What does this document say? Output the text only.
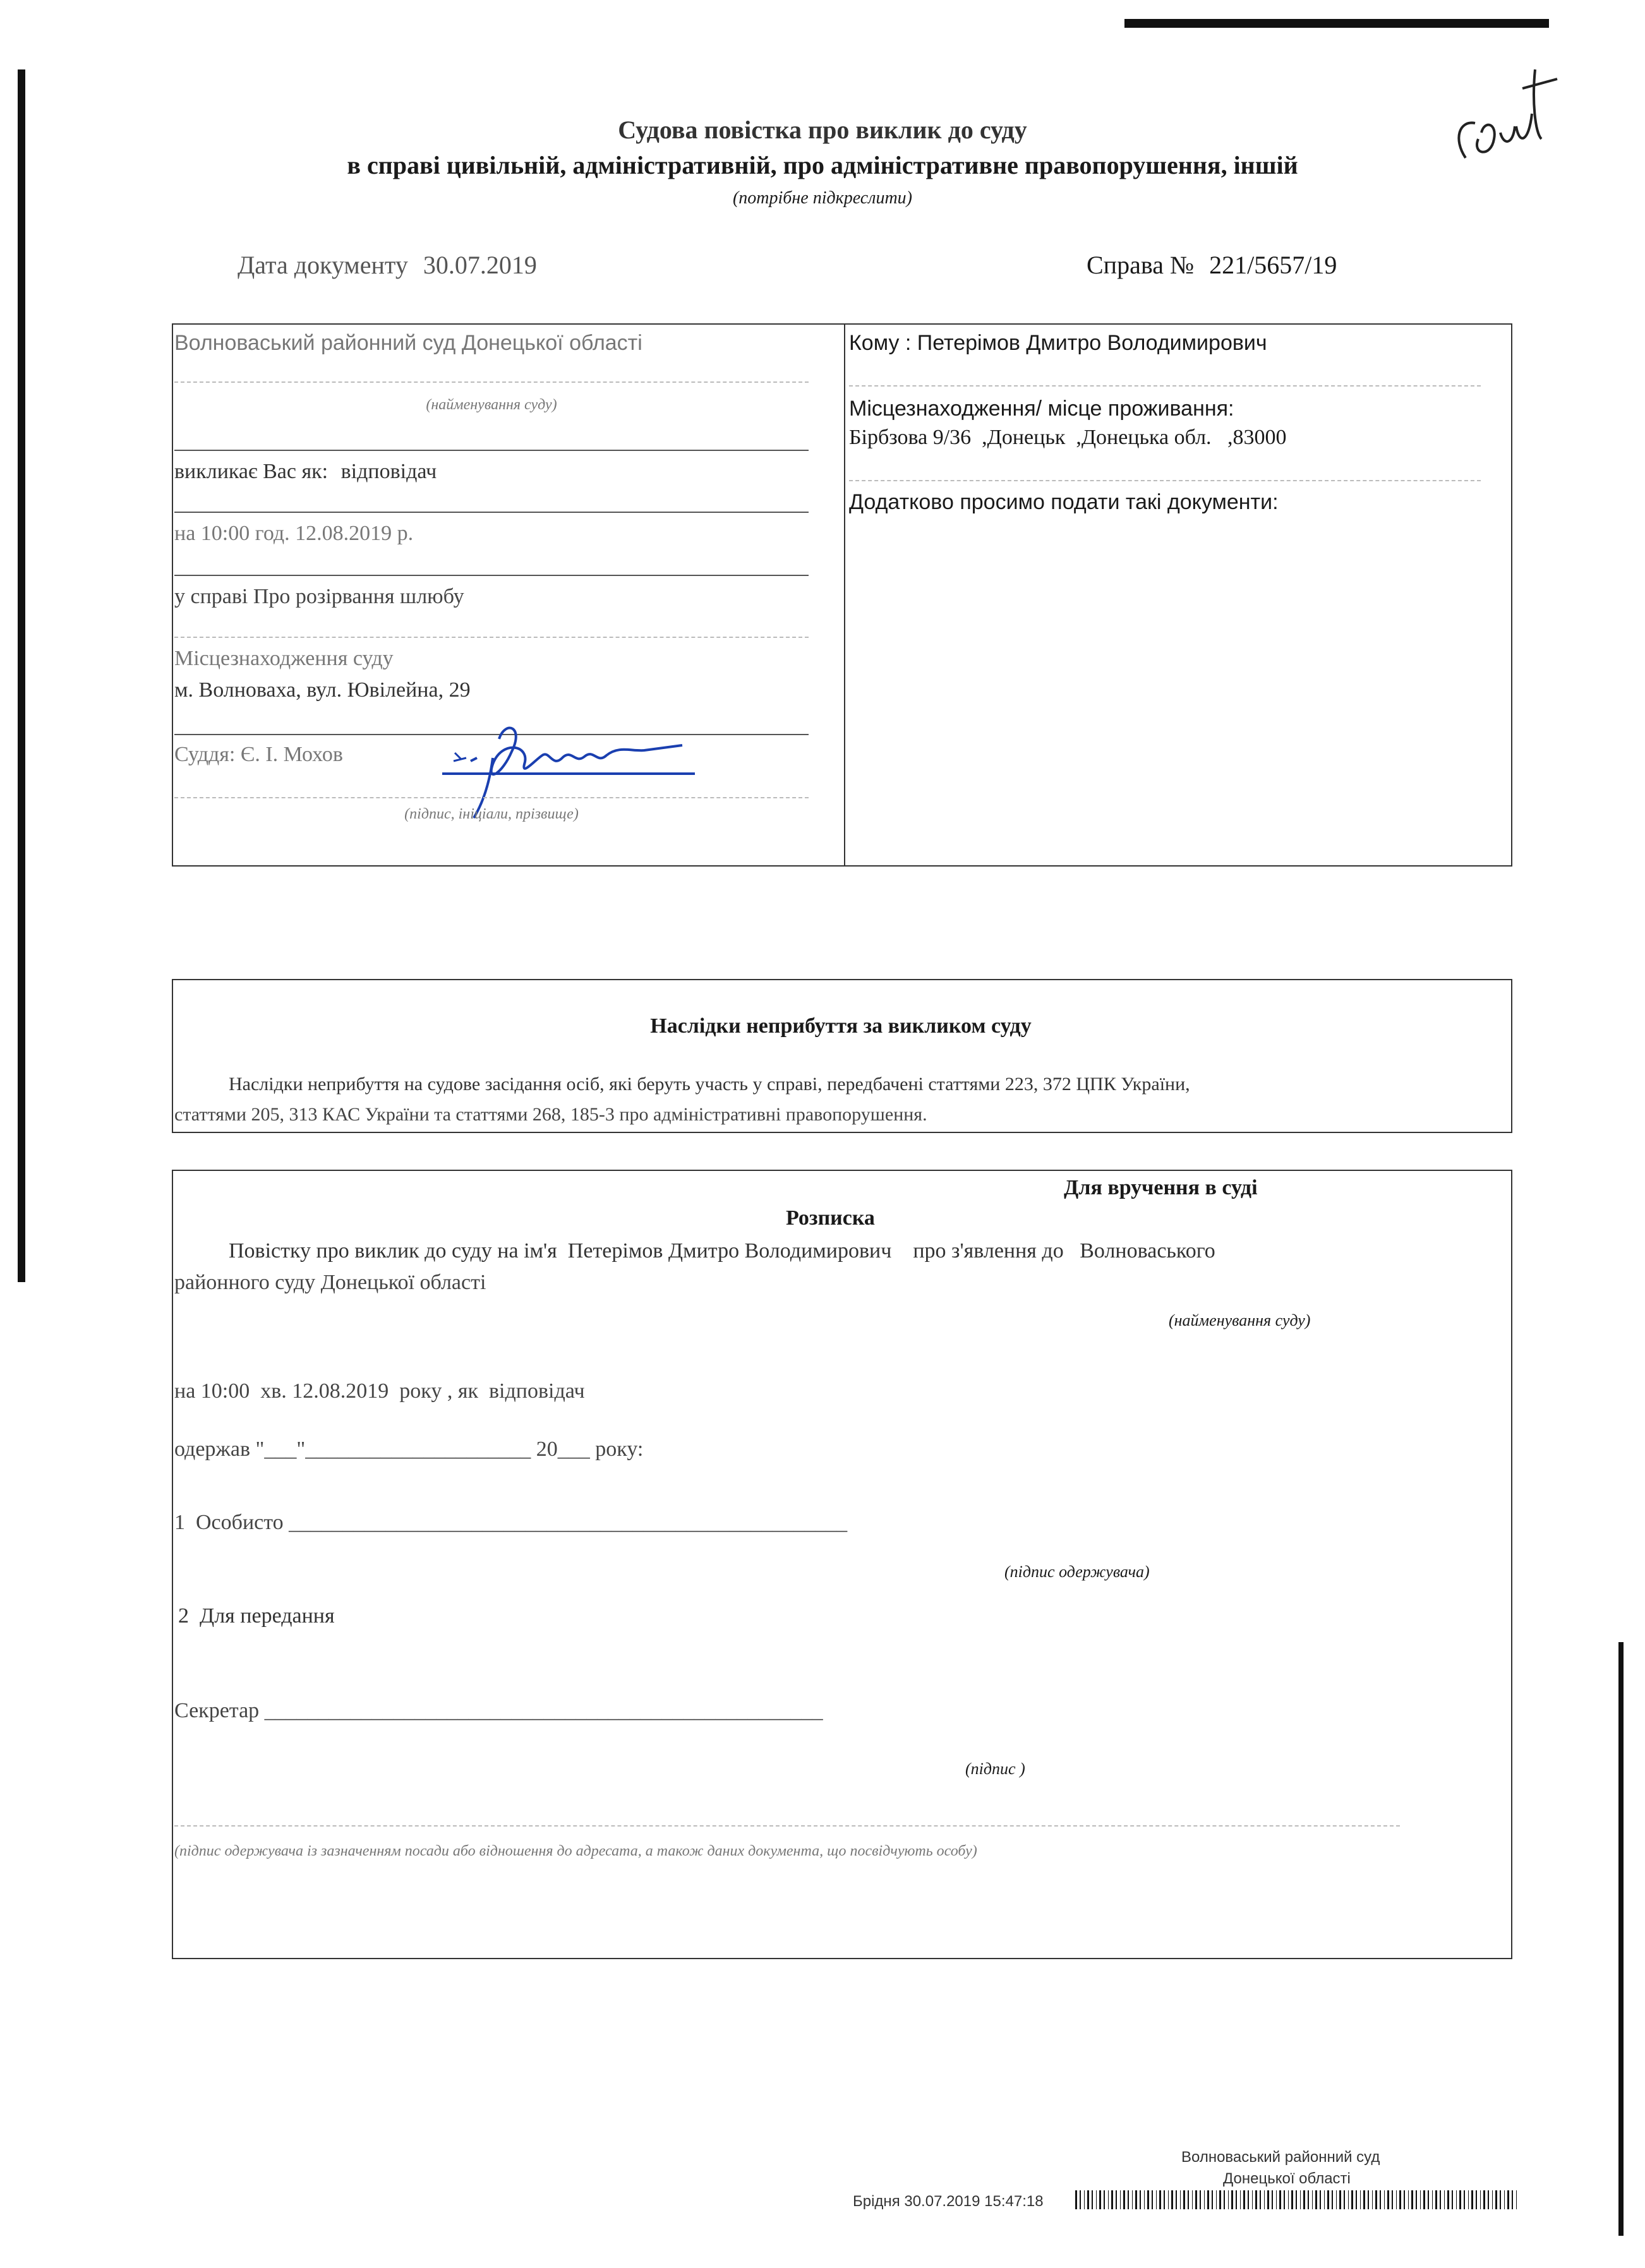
Судова повістка про виклик до суду
в справі цивільній, адміністративній, про адміністративне правопорушення, іншій
(потрібне підкреслити)
Дата документу 30.07.2019	Справа № 221/5657/19
Волноваський районний суд Донецької області
(найменування суду)
викликає Вас як: відповідач
на 10:00 год. 12.08.2019 р.
у справі Про розірвання шлюбу
Місцезнаходження суду
м. Волноваха, вул. Ювілейна, 29
Суддя: Є. І. Мохов
(підпис, ініціали, прізвище)
Кому : Петерімов Дмитро Володимирович
Місцезнаходження/ місце проживання:
Бірбзова 9/36  ,Донецьк  ,Донецька обл.   ,83000
Додатково просимо подати такі документи:
Наслідки неприбуття за викликом суду
Наслідки неприбуття на судове засідання осіб, які беруть участь у справі, передбачені статтями 223, 372 ЦПК України,
статтями 205, 313 КАС України та статтями 268, 185-3 про адміністративні правопорушення.
Для вручення в суді
Розписка
Повістку про виклик до суду на ім'я  Петерімов Дмитро Володимирович    про з'явлення до   Волноваського
районного суду Донецької області
(найменування суду)
на 10:00  хв. 12.08.2019  року , як  відповідач
одержав "___"_____________________ 20___ року:
1  Особисто ____________________________________________________
(підпис одержувача)
2  Для передання
Секретар ____________________________________________________
(підпис )
(підпис одержувача із зазначенням посади або відношення до адресата, а також даних документа, що посвідчують особу)
Волноваський районний суд
Донецької області
Брідня 30.07.2019 15:47:18
